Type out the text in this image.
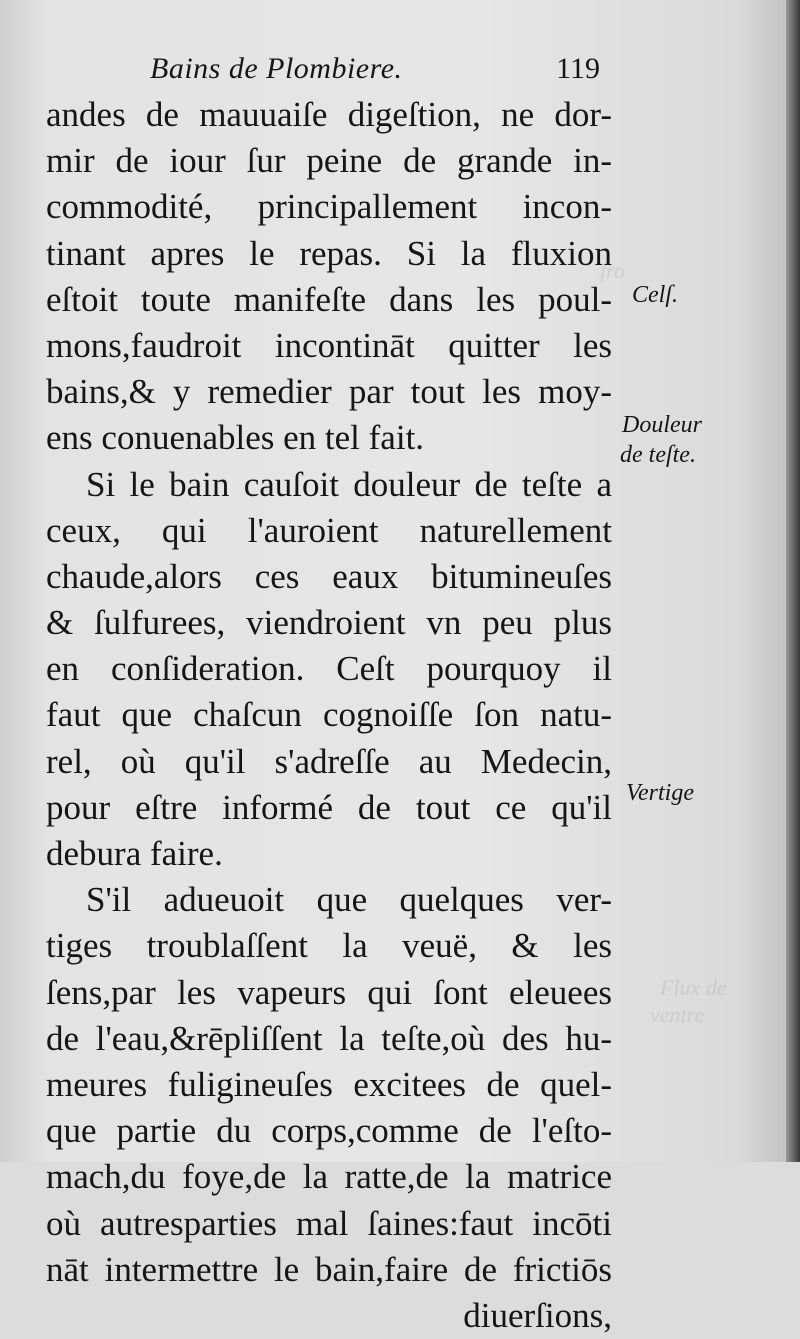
fro
Flux de
ventre
Bains de Plombiere.	119
andes de mauuaiſe digeſtion, ne dor-
mir de iour ſur peine de grande in-
commodité, principallement incon-
tinant apres le repas. Si la fluxion
eſtoit toute manifeſte dans les poul-
mons,faudroit incontināt quitter les
bains,& y remedier par tout les moy-
ens conuenables en tel fait.
Si le bain cauſoit douleur de teſte a
ceux, qui l'auroient naturellement
chaude,alors ces eaux bitumineuſes
& ſulfurees, viendroient vn peu plus
en conſideration. Ceſt pourquoy il
faut que chaſcun cognoiſſe ſon natu-
rel, où qu'il s'adreſſe au Medecin,
pour eſtre informé de tout ce qu'il
debura faire.
S'il adueuoit que quelques ver-
tiges troublaſſent la veuë, & les
ſens,par les vapeurs qui ſont eleuees
de l'eau,&rēpliſſent la teſte,où des hu-
meures fuligineuſes excitees de quel-
que partie du corps,comme de l'eſto-
mach,du foye,de la ratte,de la matrice
où autresparties mal ſaines:faut incōti
nāt intermettre le bain,faire de frictiōs
diuerſions,
Celſ.
Douleur
de teſte.
Vertige
